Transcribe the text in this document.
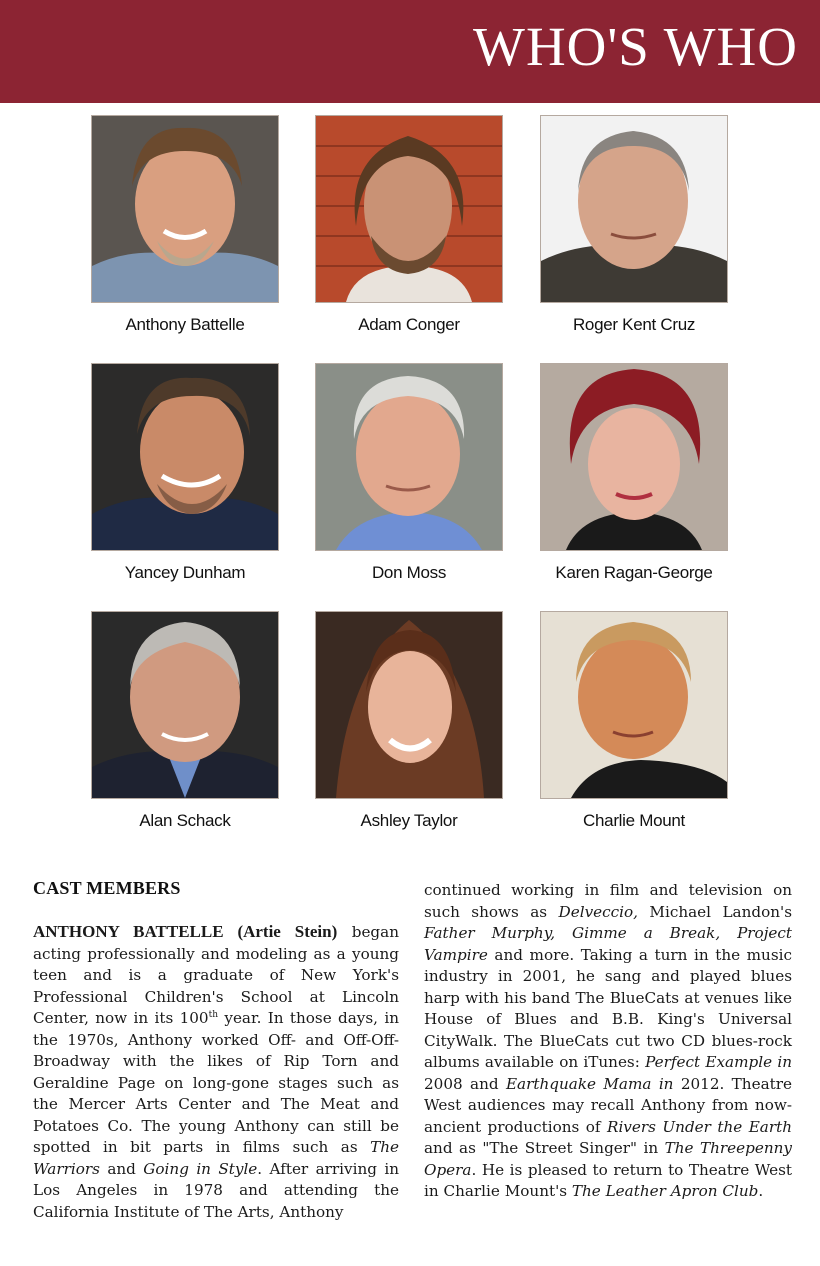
WHO'S WHO
Anthony Battelle	Adam Conger	Roger Kent Cruz
Yancey Dunham	Don Moss	Karen Ragan-George
Alan Schack	Ashley Taylor	Charlie Mount
CAST MEMBERS

ANTHONY BATTELLE (Artie Stein) began acting professionally and modeling as a young teen and is a graduate of New York's Professional Children's School at Lincoln Center, now in its 100th year. In those days, in the 1970s, Anthony worked Off- and Off-Off-Broadway with the likes of Rip Torn and Geraldine Page on long-gone stages such as the Mercer Arts Center and The Meat and Potatoes Co. The young Anthony can still be spotted in bit parts in films such as The Warriors and Going in Style. After arriving in Los Angeles in 1978 and attending the California Institute of The Arts, Anthony

continued working in film and television on such shows as Delveccio, Michael Landon's Father Murphy, Gimme a Break, Project Vampire and more. Taking a turn in the music industry in 2001, he sang and played blues harp with his band The BlueCats at venues like House of Blues and B.B. King's Universal CityWalk. The BlueCats cut two CD blues-rock albums available on iTunes: Perfect Example in 2008 and Earthquake Mama in 2012. Theatre West audiences may recall Anthony from now-ancient productions of Rivers Under the Earth and as "The Street Singer" in The Threepenny Opera. He is pleased to return to Theatre West in Charlie Mount's The Leather Apron Club.
